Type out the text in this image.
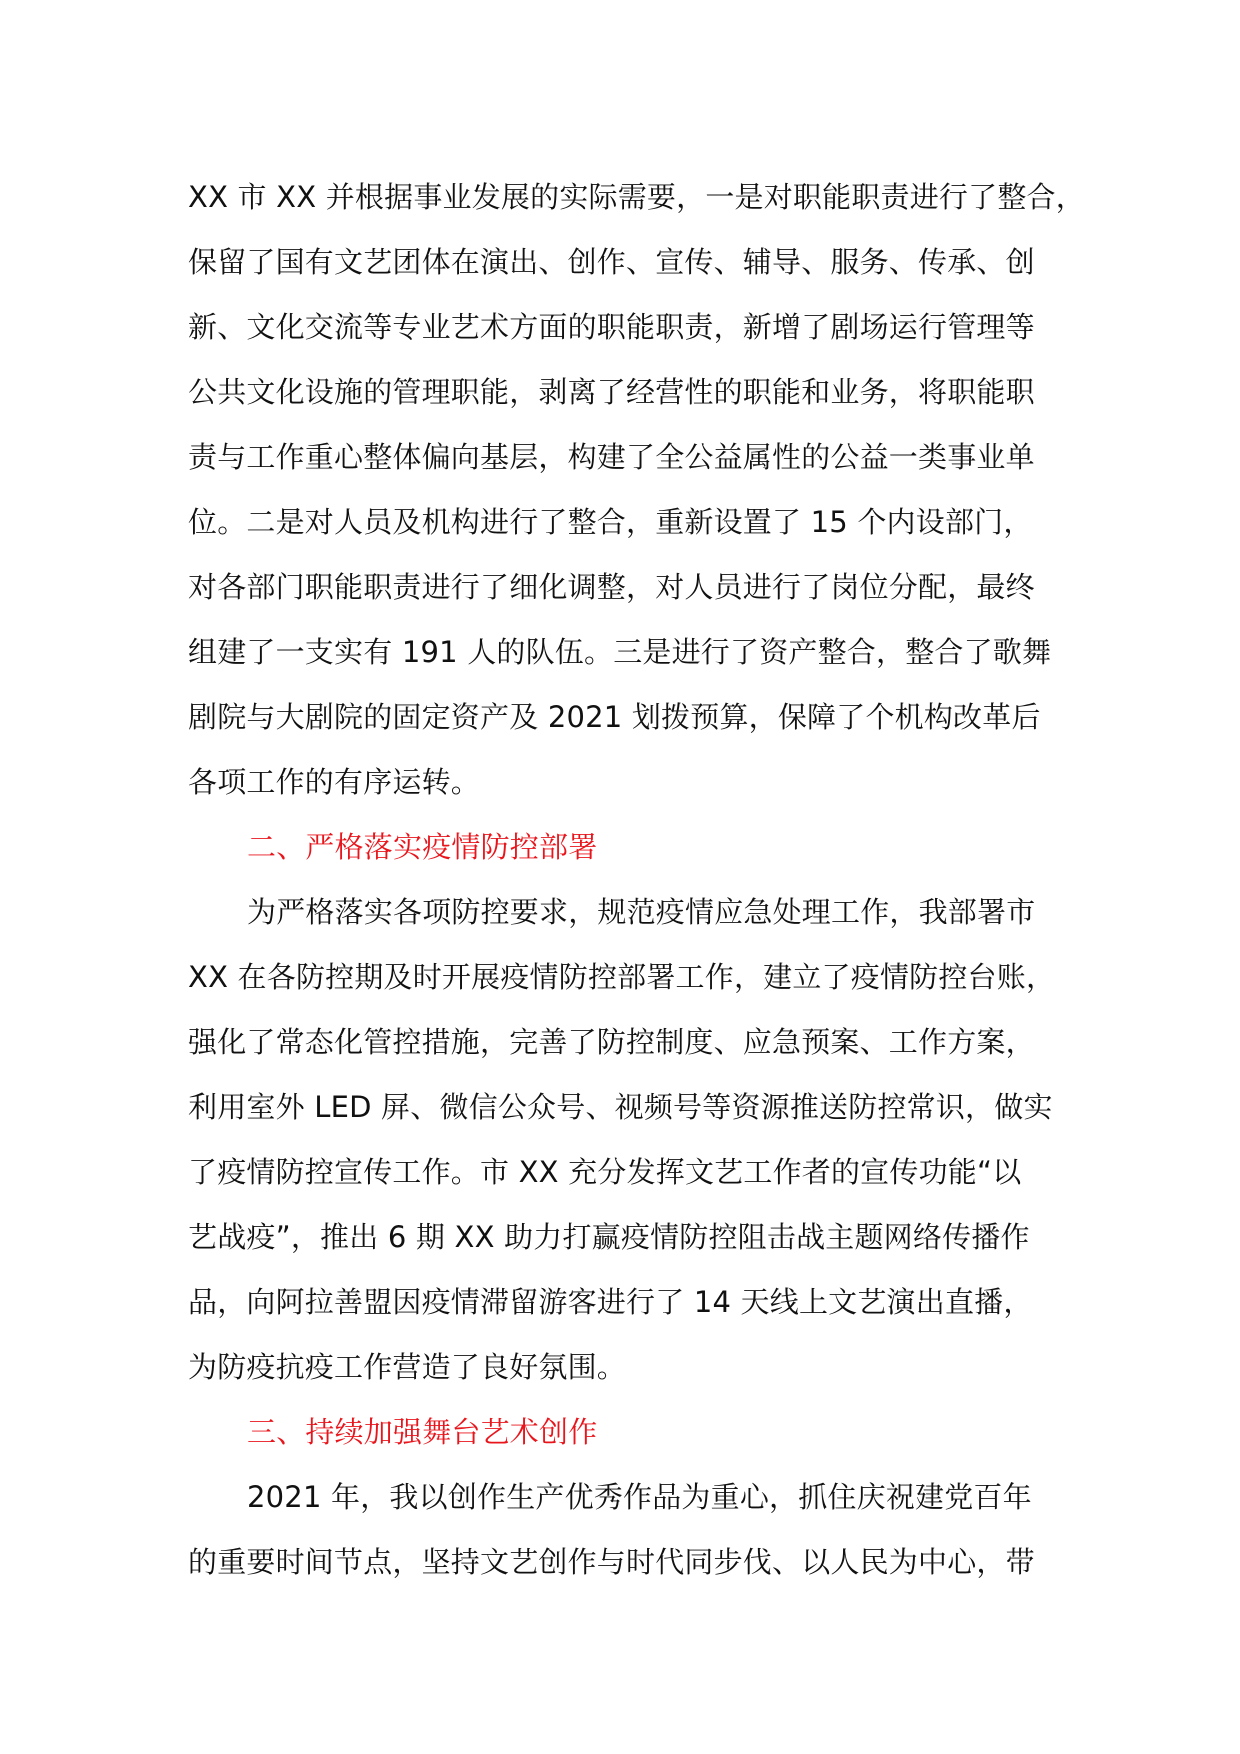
XX 市 XX 并根据事业发展的实际需要，一是对职能职责进行了整合，
保留了国有文艺团体在演出、创作、宣传、辅导、服务、传承、创
新、文化交流等专业艺术方面的职能职责，新增了剧场运行管理等
公共文化设施的管理职能，剥离了经营性的职能和业务，将职能职
责与工作重心整体偏向基层，构建了全公益属性的公益一类事业单
位。二是对人员及机构进行了整合，重新设置了 15 个内设部门，
对各部门职能职责进行了细化调整，对人员进行了岗位分配，最终
组建了一支实有 191 人的队伍。三是进行了资产整合，整合了歌舞
剧院与大剧院的固定资产及 2021 划拨预算，保障了个机构改革后
各项工作的有序运转。
二、严格落实疫情防控部署
为严格落实各项防控要求，规范疫情应急处理工作，我部署市
XX 在各防控期及时开展疫情防控部署工作，建立了疫情防控台账，
强化了常态化管控措施，完善了防控制度、应急预案、工作方案，
利用室外 LED 屏、微信公众号、视频号等资源推送防控常识，做实
了疫情防控宣传工作。市 XX 充分发挥文艺工作者的宣传功能“以
艺战疫”，推出 6 期 XX 助力打赢疫情防控阻击战主题网络传播作
品，向阿拉善盟因疫情滞留游客进行了 14 天线上文艺演出直播，
为防疫抗疫工作营造了良好氛围。
三、持续加强舞台艺术创作
2021 年，我以创作生产优秀作品为重心，抓住庆祝建党百年
的重要时间节点，坚持文艺创作与时代同步伐、以人民为中心，带
